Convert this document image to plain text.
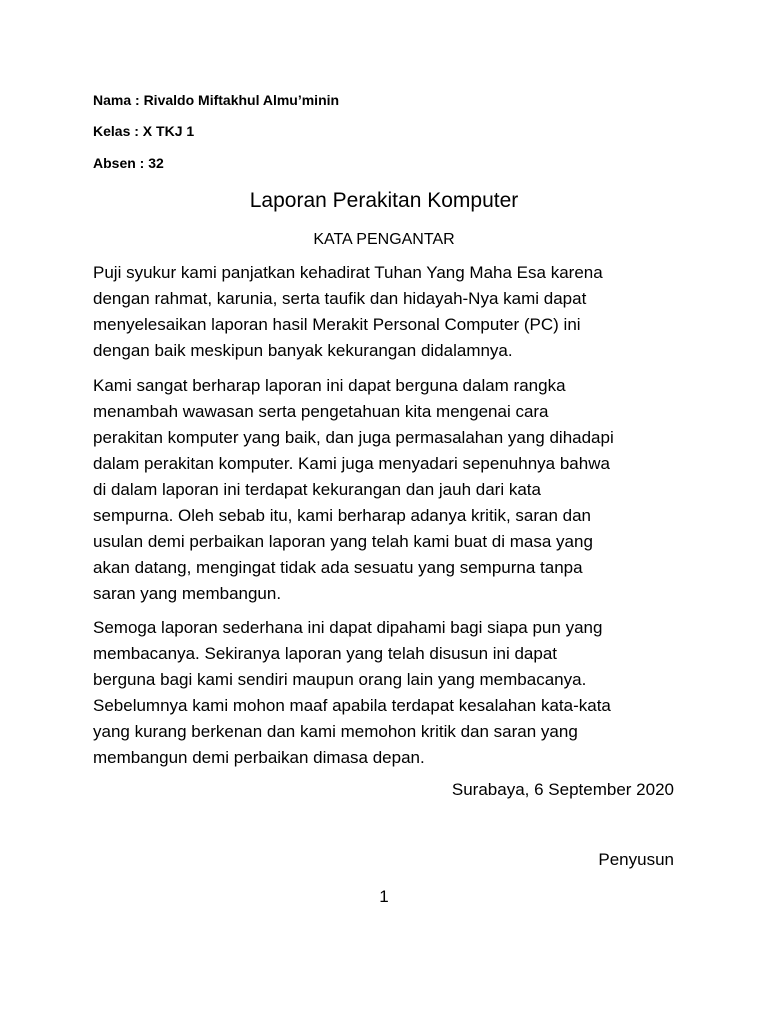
Nama : Rivaldo Miftakhul Almu’minin
Kelas : X TKJ 1
Absen : 32
Laporan Perakitan Komputer
KATA PENGANTAR
Puji syukur kami panjatkan kehadirat Tuhan Yang Maha Esa karena
dengan rahmat, karunia, serta taufik dan hidayah-Nya kami dapat
menyelesaikan laporan hasil Merakit Personal Computer (PC) ini
dengan baik meskipun banyak kekurangan didalamnya.
Kami sangat berharap laporan ini dapat berguna dalam rangka
menambah wawasan serta pengetahuan kita mengenai cara
perakitan komputer yang baik, dan juga permasalahan yang dihadapi
dalam perakitan komputer. Kami juga menyadari sepenuhnya bahwa
di dalam laporan ini terdapat kekurangan dan jauh dari kata
sempurna. Oleh sebab itu, kami berharap adanya kritik, saran dan
usulan demi perbaikan laporan yang telah kami buat di masa yang
akan datang, mengingat tidak ada sesuatu yang sempurna tanpa
saran yang membangun.
Semoga laporan sederhana ini dapat dipahami bagi siapa pun yang
membacanya. Sekiranya laporan yang telah disusun ini dapat
berguna bagi kami sendiri maupun orang lain yang membacanya.
Sebelumnya kami mohon maaf apabila terdapat kesalahan kata-kata
yang kurang berkenan dan kami memohon kritik dan saran yang
membangun demi perbaikan dimasa depan.
Surabaya, 6 September 2020
Penyusun
1
